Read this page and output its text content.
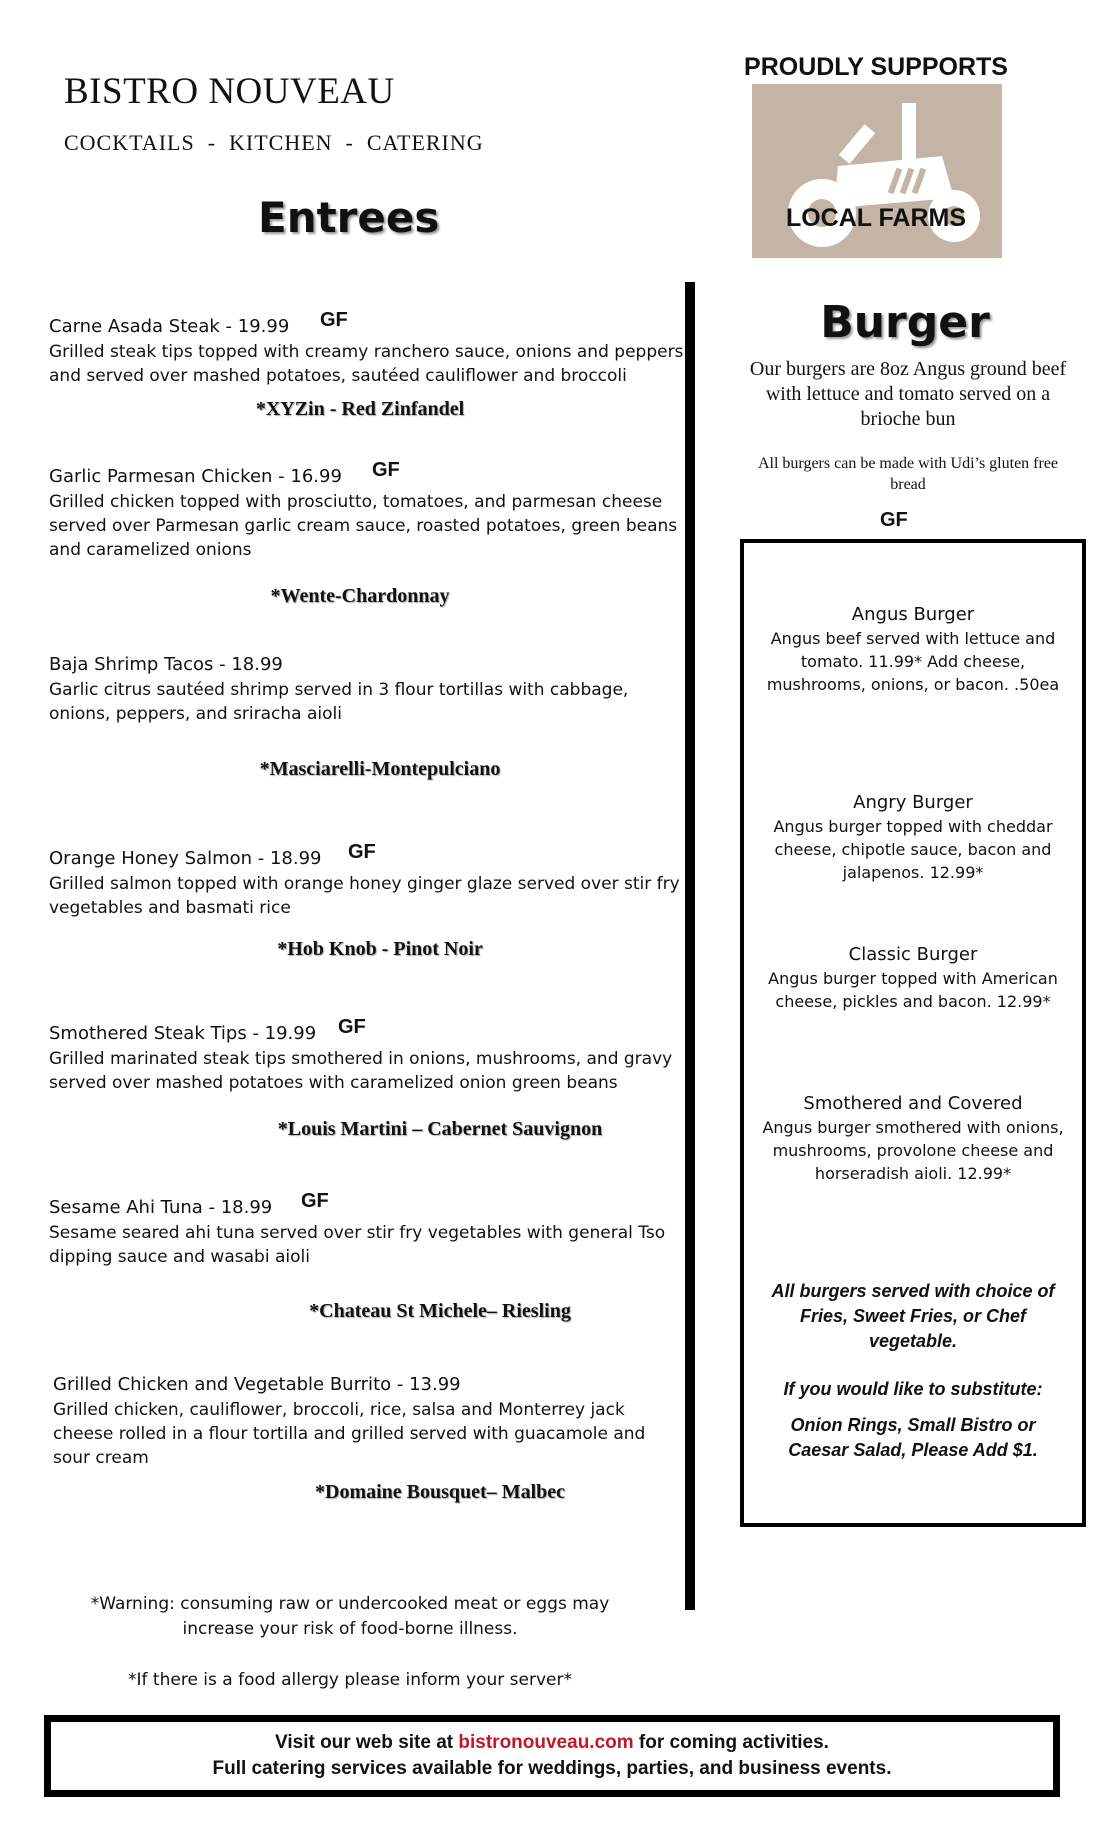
BISTRO NOUVEAU
COCKTAILS  -  KITCHEN  -  CATERING
Entrees
PROUDLY SUPPORTS
LOCAL FARMS
Carne Asada Steak - 19.99 GF
Grilled steak tips topped with creamy ranchero sauce, onions and peppers and served over mashed potatoes, sautéed cauliflower and broccoli
*XYZin - Red Zinfandel
Garlic Parmesan Chicken - 16.99 GF
Grilled chicken topped with prosciutto, tomatoes, and parmesan cheese served over Parmesan garlic cream sauce, roasted potatoes, green beans and caramelized onions
*Wente-Chardonnay
Baja Shrimp Tacos - 18.99
Garlic citrus sautéed shrimp served in 3 flour tortillas with cabbage, onions, peppers, and sriracha aioli
*Masciarelli-Montepulciano
Orange Honey Salmon - 18.99 GF
Grilled salmon topped with orange honey ginger glaze served over stir fry vegetables and basmati rice
*Hob Knob - Pinot Noir
Smothered Steak Tips - 19.99 GF
Grilled marinated steak tips smothered in onions, mushrooms, and gravy served over mashed potatoes with caramelized onion green beans
*Louis Martini – Cabernet Sauvignon
Sesame Ahi Tuna - 18.99 GF
Sesame seared ahi tuna served over stir fry vegetables with general Tso dipping sauce and wasabi aioli
*Chateau St Michele– Riesling
Grilled Chicken and Vegetable Burrito - 13.99
Grilled chicken, cauliflower, broccoli, rice, salsa and Monterrey jack cheese rolled in a flour tortilla and grilled served with guacamole and sour cream
*Domaine Bousquet– Malbec
Burger
Our burgers are 8oz Angus ground beef with lettuce and tomato served on a brioche bun
All burgers can be made with Udi’s gluten free bread
GF
Angus Burger
Angus beef served with lettuce and tomato. 11.99* Add cheese, mushrooms, onions, or bacon. .50ea
Angry Burger
Angus burger topped with cheddar cheese, chipotle sauce, bacon and jalapenos. 12.99*
Classic Burger
Angus burger topped with American cheese, pickles and bacon. 12.99*
Smothered and Covered
Angus burger smothered with onions, mushrooms, provolone cheese and horseradish aioli. 12.99*
All burgers served with choice of Fries, Sweet Fries, or Chef vegetable.
If you would like to substitute:
Onion Rings, Small Bistro or Caesar Salad, Please Add $1.
*Warning: consuming raw or undercooked meat or eggs may increase your risk of food-borne illness.
*If there is a food allergy please inform your server*
Visit our web site at bistronouveau.com for coming activities.
Full catering services available for weddings, parties, and business events.
